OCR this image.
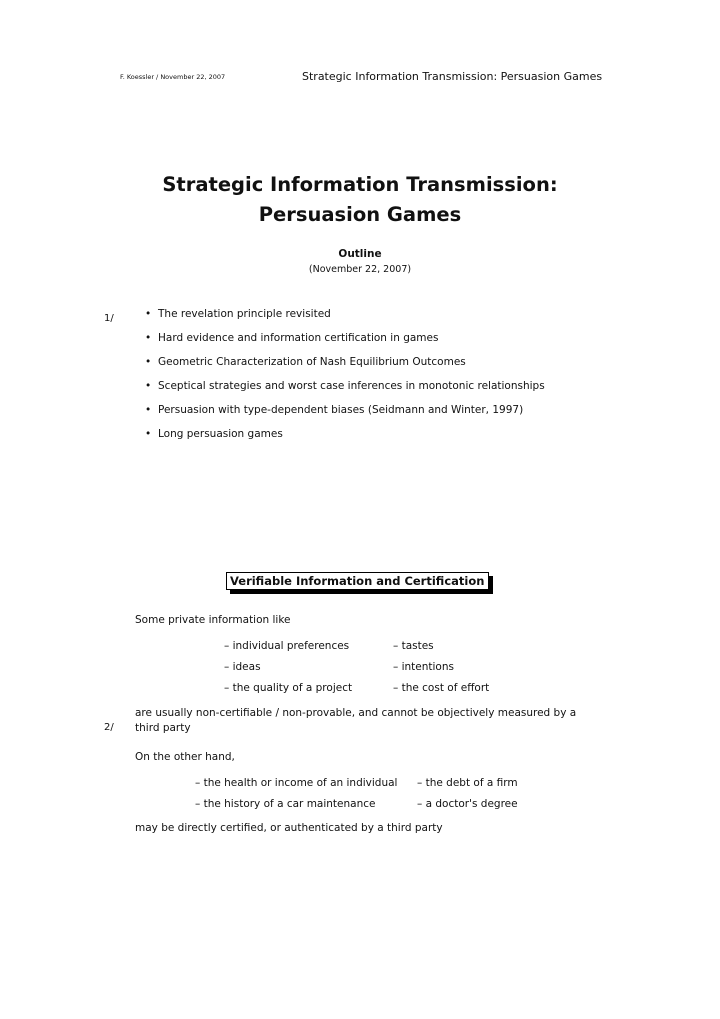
F. Koessler / November 22, 2007	Strategic Information Transmission: Persuasion Games
Strategic Information Transmission:
Persuasion Games
Outline
(November 22, 2007)
1/	• The revelation principle revisited
• Hard evidence and information certification in games
• Geometric Characterization of Nash Equilibrium Outcomes
• Sceptical strategies and worst case inferences in monotonic relationships
• Persuasion with type-dependent biases (Seidmann and Winter, 1997)
• Long persuasion games
Verifiable Information and Certification
Some private information like
– individual preferences
– ideas
– the quality of a project
– tastes
– intentions
– the cost of effort
are usually non-certifiable / non-provable, and cannot be objectively measured by a
third party
2/
On the other hand,
– the health or income of an individual
– the history of a car maintenance
– the debt of a firm
– a doctor's degree
may be directly certified, or authenticated by a third party
